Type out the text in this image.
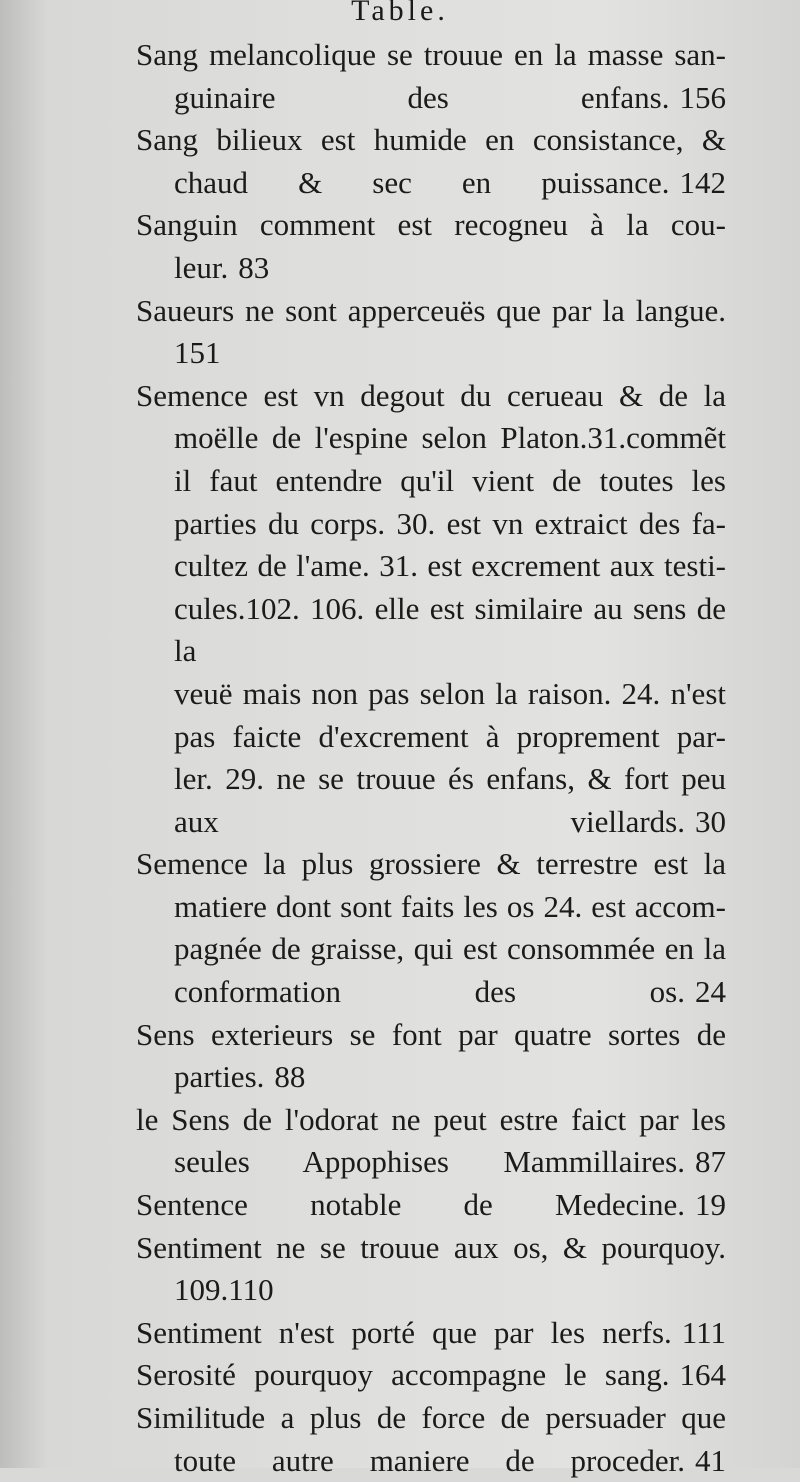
Table.
Sang melancolique se trouue en la masse san-
guinaire des enfans. 156
Sang bilieux est humide en consistance, &
chaud & sec en puissance. 142
Sanguin comment est recogneu à la cou-
leur. 83
Saueurs ne sont apperceuës que par la langue.
151
Semence est vn degout du cerueau & de la
moëlle de l'espine selon Platon.31.commẽt
il faut entendre qu'il vient de toutes les
parties du corps. 30. est vn extraict des fa-
cultez de l'ame. 31. est excrement aux testi-
cules.102. 106. elle est similaire au sens de la
veuë mais non pas selon la raison. 24. n'est
pas faicte d'excrement à proprement par-
ler. 29. ne se trouue és enfans, & fort peu
aux viellards. 30
Semence la plus grossiere & terrestre est la
matiere dont sont faits les os 24. est accom-
pagnée de graisse, qui est consommée en la
conformation des os. 24
Sens exterieurs se font par quatre sortes de
parties. 88
le Sens de l'odorat ne peut estre faict par les
seules Appophises Mammillaires. 87
Sentence notable de Medecine. 19
Sentiment ne se trouue aux os, & pourquoy.
109.110
Sentiment n'est porté que par les nerfs. 111
Serosité pourquoy accompagne le sang. 164
Similitude a plus de force de persuader que
toute autre maniere de proceder. 41
